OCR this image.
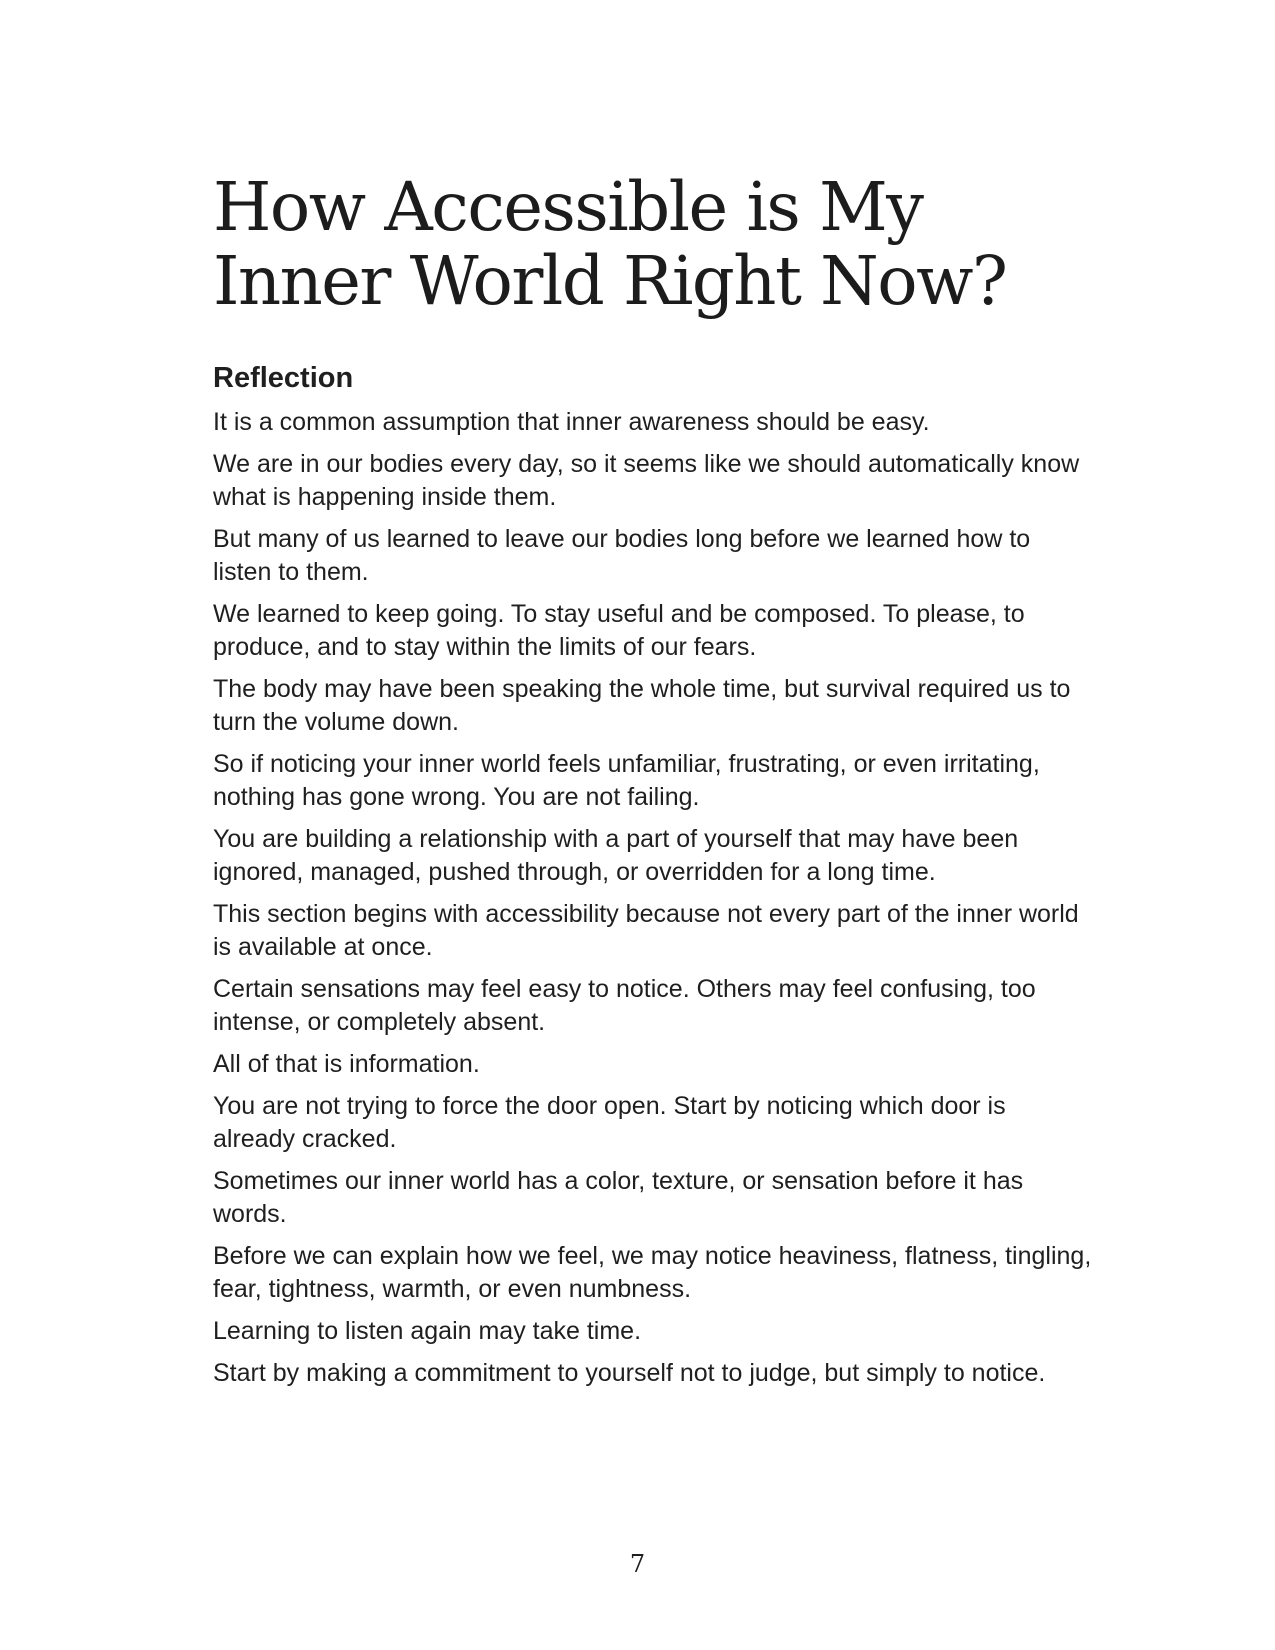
How Accessible is My
Inner World Right Now?
Reflection

It is a common assumption that inner awareness should be easy.

We are in our bodies every day, so it seems like we should automatically know what is happening inside them.

But many of us learned to leave our bodies long before we learned how to listen to them.

We learned to keep going. To stay useful and be composed. To please, to produce, and to stay within the limits of our fears.

The body may have been speaking the whole time, but survival required us to turn the volume down.

So if noticing your inner world feels unfamiliar, frustrating, or even irritating, nothing has gone wrong. You are not failing.

You are building a relationship with a part of yourself that may have been ignored, managed, pushed through, or overridden for a long time.

This section begins with accessibility because not every part of the inner world is available at once.

Certain sensations may feel easy to notice. Others may feel confusing, too intense, or completely absent.

All of that is information.

You are not trying to force the door open. Start by noticing which door is already cracked.

Sometimes our inner world has a color, texture, or sensation before it has words.

Before we can explain how we feel, we may notice heaviness, flatness, tingling, fear, tightness, warmth, or even numbness.

Learning to listen again may take time.

Start by making a commitment to yourself not to judge, but simply to notice.

7
